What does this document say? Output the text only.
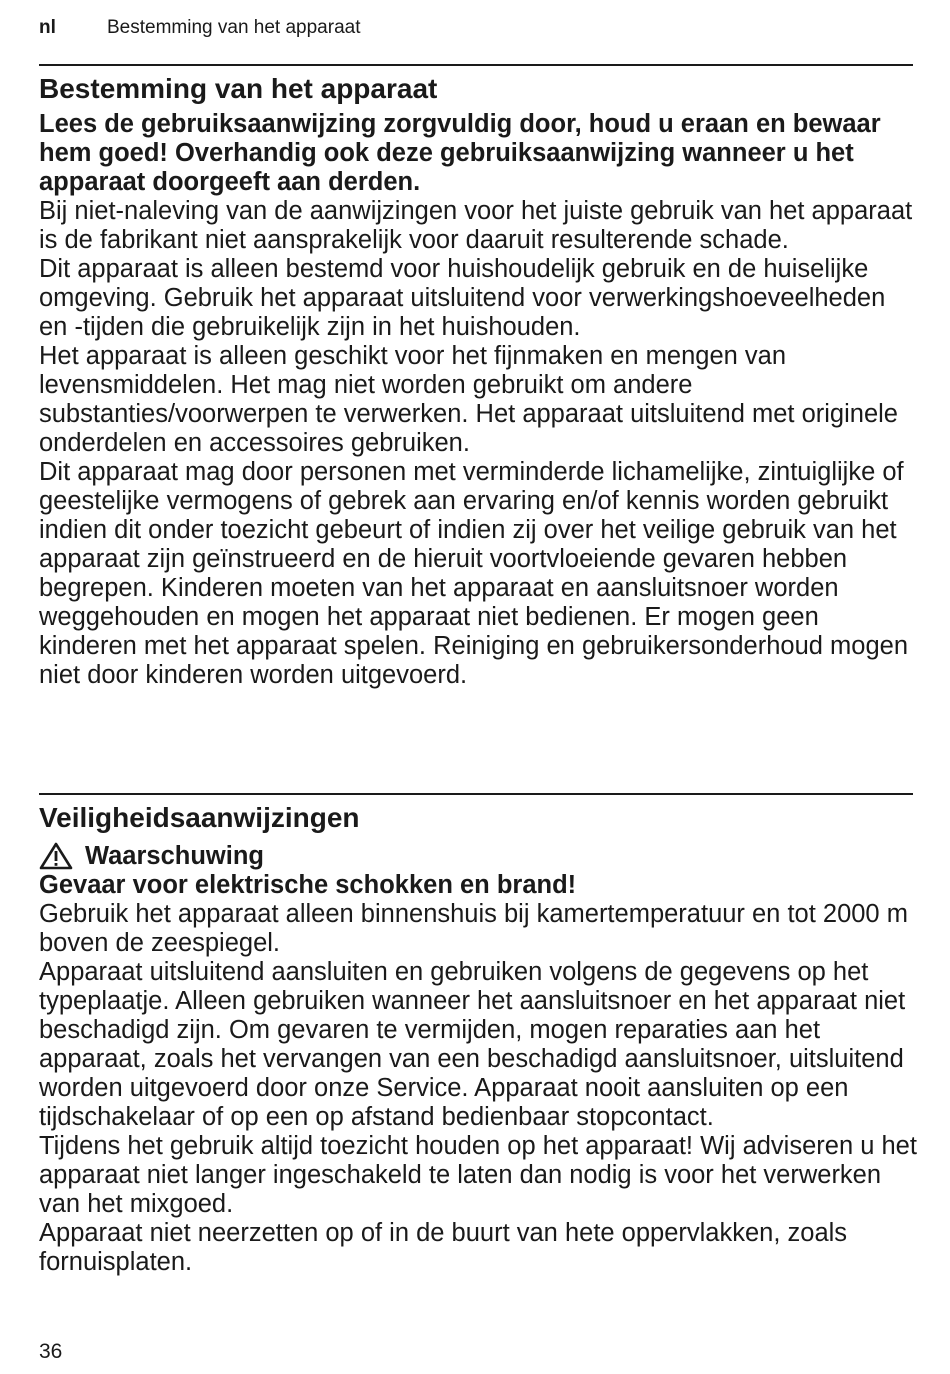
nl	Bestemming van het apparaat
Bestemming van het apparaat

Lees de gebruiksaanwijzing zorgvuldig door, houd u eraan en bewaar hem goed! Overhandig ook deze gebruiksaanwijzing wanneer u het apparaat doorgeeft aan derden.

Bij niet-naleving van de aanwijzingen voor het juiste gebruik van het apparaat is de fabrikant niet aansprakelijk voor daaruit resulterende schade.

Dit apparaat is alleen bestemd voor huishoudelijk gebruik en de huiselijke omgeving. Gebruik het apparaat uitsluitend voor verwerkingshoeveelheden en -tijden die gebruikelijk zijn in het huishouden.

Het apparaat is alleen geschikt voor het fijnmaken en mengen van levensmiddelen. Het mag niet worden gebruikt om andere substanties/voorwerpen te verwerken. Het apparaat uitsluitend met originele onderdelen en accessoires gebruiken.

Dit apparaat mag door personen met verminderde lichamelijke, zintuiglijke of geestelijke vermogens of gebrek aan ervaring en/of kennis worden gebruikt indien dit onder toezicht gebeurt of indien zij over het veilige gebruik van het apparaat zijn geïnstrueerd en de hieruit voortvloeiende gevaren hebben begrepen. Kinderen moeten van het apparaat en aansluitsnoer worden weggehouden en mogen het apparaat niet bedienen. Er mogen geen kinderen met het apparaat spelen. Reiniging en gebruikersonderhoud mogen niet door kinderen worden uitgevoerd.

Veiligheidsaanwijzingen
Waarschuwing

Gevaar voor elektrische schokken en brand!

Gebruik het apparaat alleen binnenshuis bij kamertemperatuur en tot 2000 m boven de zeespiegel.

Apparaat uitsluitend aansluiten en gebruiken volgens de gegevens op het typeplaatje. Alleen gebruiken wanneer het aansluitsnoer en het apparaat niet beschadigd zijn. Om gevaren te vermijden, mogen reparaties aan het apparaat, zoals het vervangen van een beschadigd aansluitsnoer, uitsluitend worden uitgevoerd door onze Service. Apparaat nooit aansluiten op een tijdschakelaar of op een op afstand bedienbaar stopcontact.

Tijdens het gebruik altijd toezicht houden op het apparaat! Wij adviseren u het apparaat niet langer ingeschakeld te laten dan nodig is voor het verwerken van het mixgoed.

Apparaat niet neerzetten op of in de buurt van hete oppervlakken, zoals fornuisplaten.

36
